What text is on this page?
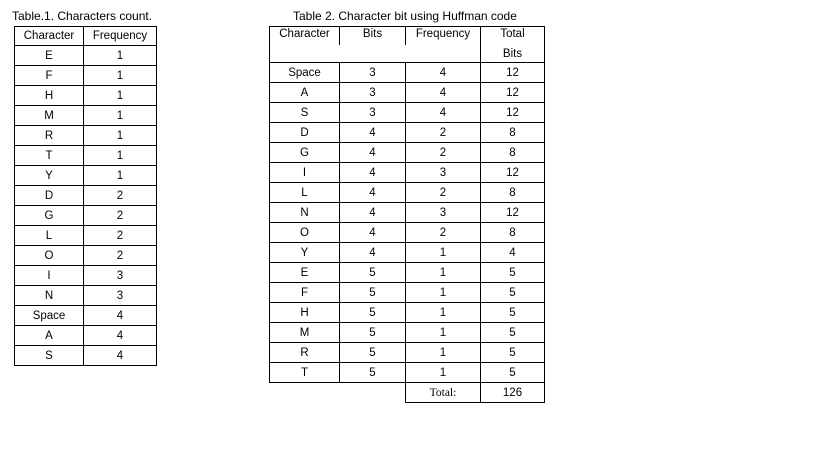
Table.1. Characters count.
Character	Frequency
E	1
F	1
H	1
M	1
R	1
T	1
Y	1
D	2
G	2
L	2
O	2
I	3
N	3
Space	4
A	4
S	4
Table 2. Character bit using Huffman code
Character	Bits	Frequency	Total
			Bits
Space	3	4	12
A	3	4	12
S	3	4	12
D	4	2	8
G	4	2	8
I	4	3	12
L	4	2	8
N	4	3	12
O	4	2	8
Y	4	1	4
E	5	1	5
F	5	1	5
H	5	1	5
M	5	1	5
R	5	1	5
T	5	1	5
		Total:	126
